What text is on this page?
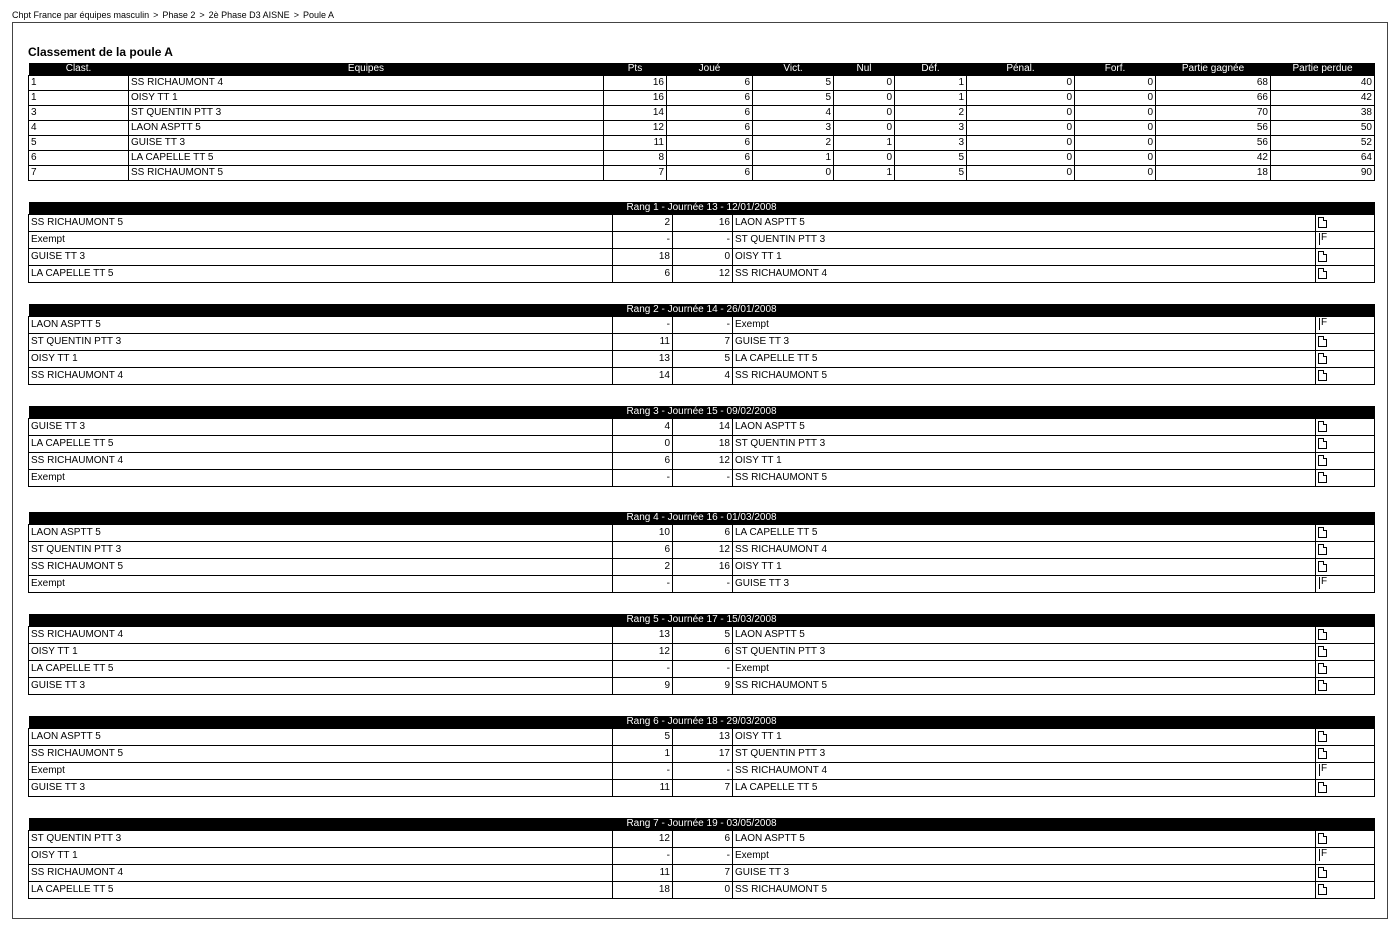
Chpt France par équipes masculin > Phase 2 > 2è Phase D3 AISNE > Poule A
Classement de la poule A
Clast.	Equipes	Pts	Joué	Vict.	Nul	Déf.	Pénal.	Forf.	Partie gagnée	Partie perdue
1	SS RICHAUMONT 4	16	6	5	0	1	0	0	68	40
1	OISY TT 1	16	6	5	0	1	0	0	66	42
3	ST QUENTIN PTT 3	14	6	4	0	2	0	0	70	38
4	LAON ASPTT 5	12	6	3	0	3	0	0	56	50
5	GUISE TT 3	11	6	2	1	3	0	0	56	52
6	LA CAPELLE TT 5	8	6	1	0	5	0	0	42	64
7	SS RICHAUMONT 5	7	6	0	1	5	0	0	18	90
Rang 1 - Journée 13 - 12/01/2008				
SS RICHAUMONT 5	2	16	LAON ASPTT 5	
Exempt	-	-	ST QUENTIN PTT 3	F
GUISE TT 3	18	0	OISY TT 1	
LA CAPELLE TT 5	6	12	SS RICHAUMONT 4	
Rang 2 - Journée 14 - 26/01/2008				
LAON ASPTT 5	-	-	Exempt	F
ST QUENTIN PTT 3	11	7	GUISE TT 3	
OISY TT 1	13	5	LA CAPELLE TT 5	
SS RICHAUMONT 4	14	4	SS RICHAUMONT 5	
Rang 3 - Journée 15 - 09/02/2008				
GUISE TT 3	4	14	LAON ASPTT 5	
LA CAPELLE TT 5	0	18	ST QUENTIN PTT 3	
SS RICHAUMONT 4	6	12	OISY TT 1	
Exempt	-	-	SS RICHAUMONT 5	
Rang 4 - Journée 16 - 01/03/2008				
LAON ASPTT 5	10	6	LA CAPELLE TT 5	
ST QUENTIN PTT 3	6	12	SS RICHAUMONT 4	
SS RICHAUMONT 5	2	16	OISY TT 1	
Exempt	-	-	GUISE TT 3	F
Rang 5 - Journée 17 - 15/03/2008				
SS RICHAUMONT 4	13	5	LAON ASPTT 5	
OISY TT 1	12	6	ST QUENTIN PTT 3	
LA CAPELLE TT 5	-	-	Exempt	
GUISE TT 3	9	9	SS RICHAUMONT 5	
Rang 6 - Journée 18 - 29/03/2008				
LAON ASPTT 5	5	13	OISY TT 1	
SS RICHAUMONT 5	1	17	ST QUENTIN PTT 3	
Exempt	-	-	SS RICHAUMONT 4	F
GUISE TT 3	11	7	LA CAPELLE TT 5	
Rang 7 - Journée 19 - 03/05/2008				
ST QUENTIN PTT 3	12	6	LAON ASPTT 5	
OISY TT 1	-	-	Exempt	F
SS RICHAUMONT 4	11	7	GUISE TT 3	
LA CAPELLE TT 5	18	0	SS RICHAUMONT 5	
